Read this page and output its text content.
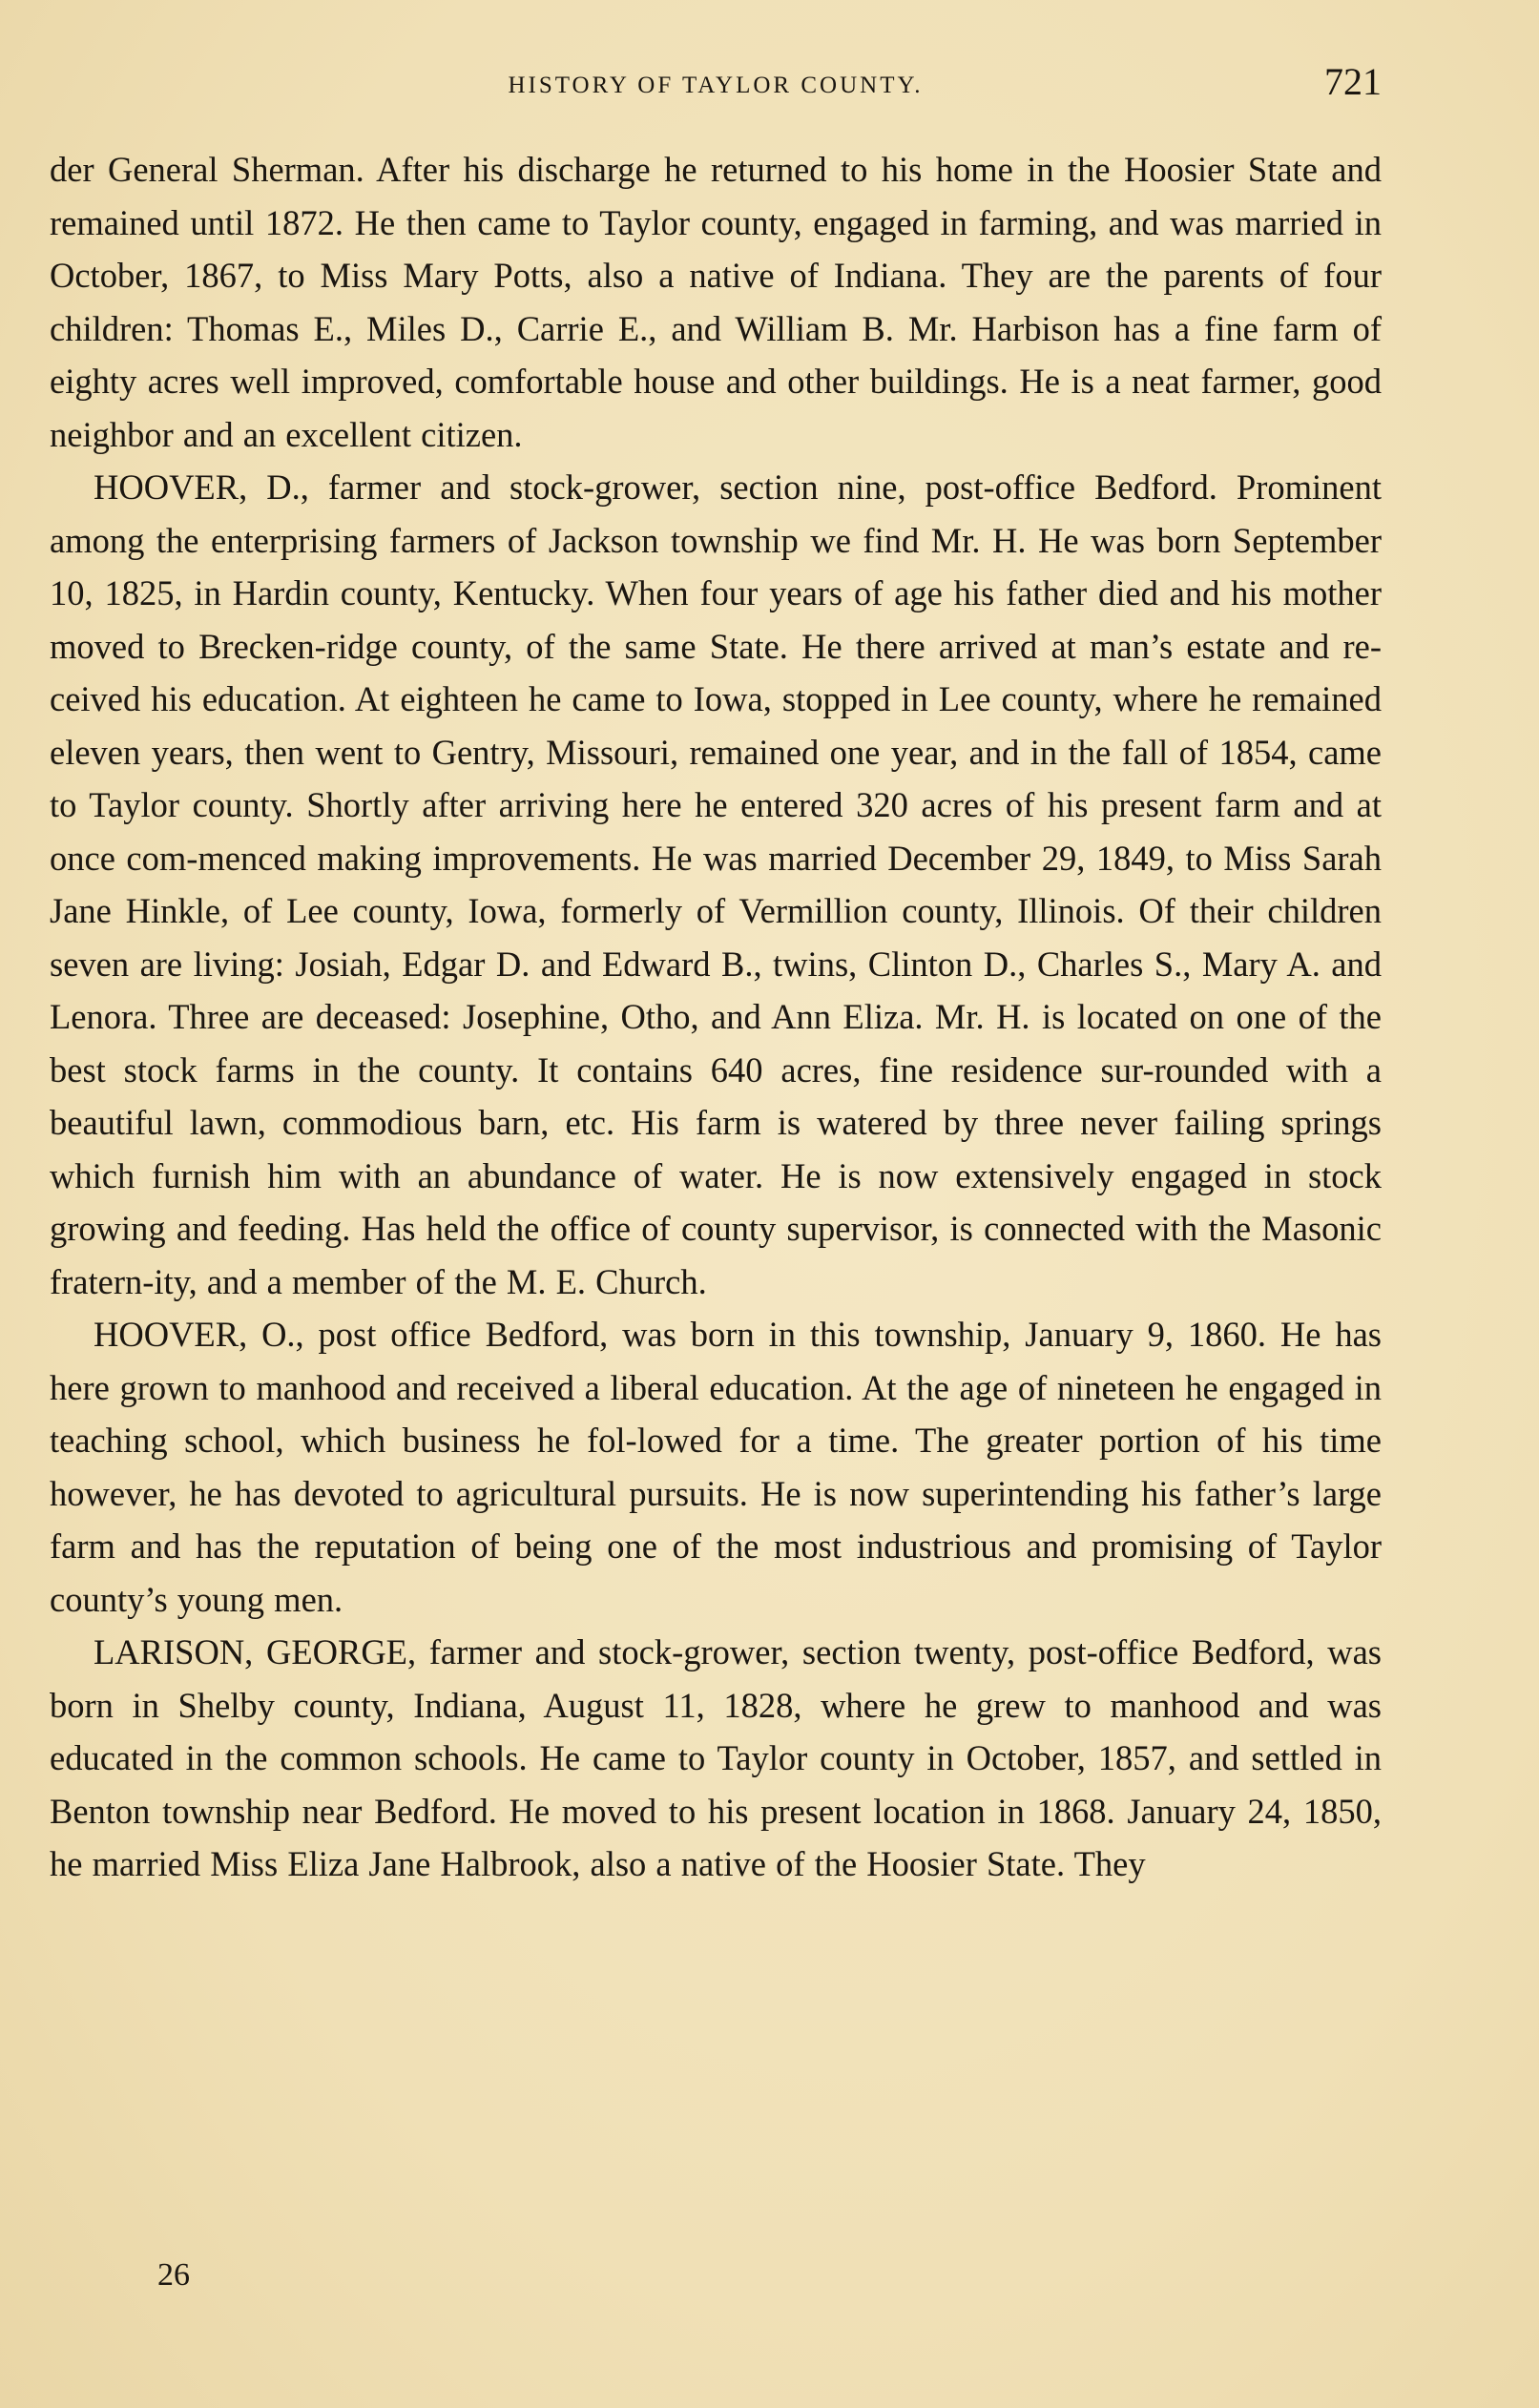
HISTORY OF TAYLOR COUNTY.	721

der General Sherman. After his discharge he returned to his home in the Hoosier State and remained until 1872. He then came to Taylor county, engaged in farming, and was married in October, 1867, to Miss Mary Potts, also a native of Indiana. They are the parents of four children: Thomas E., Miles D., Carrie E., and William B. Mr. Harbison has a fine farm of eighty acres well improved, comfortable house and other buildings. He is a neat farmer, good neighbor and an excellent citizen.

HOOVER, D., farmer and stock-grower, section nine, post-office Bedford. Prominent among the enterprising farmers of Jackson township we find Mr. H. He was born September 10, 1825, in Hardin county, Kentucky. When four years of age his father died and his mother moved to Brecken-ridge county, of the same State. He there arrived at man’s estate and re-ceived his education. At eighteen he came to Iowa, stopped in Lee county, where he remained eleven years, then went to Gentry, Missouri, remained one year, and in the fall of 1854, came to Taylor county. Shortly after arriving here he entered 320 acres of his present farm and at once com-menced making improvements. He was married December 29, 1849, to Miss Sarah Jane Hinkle, of Lee county, Iowa, formerly of Vermillion county, Illinois. Of their children seven are living: Josiah, Edgar D. and Edward B., twins, Clinton D., Charles S., Mary A. and Lenora. Three are deceased: Josephine, Otho, and Ann Eliza. Mr. H. is located on one of the best stock farms in the county. It contains 640 acres, fine residence sur-rounded with a beautiful lawn, commodious barn, etc. His farm is watered by three never failing springs which furnish him with an abundance of water. He is now extensively engaged in stock growing and feeding. Has held the office of county supervisor, is connected with the Masonic fratern-ity, and a member of the M. E. Church.

HOOVER, O., post office Bedford, was born in this township, January 9, 1860. He has here grown to manhood and received a liberal education. At the age of nineteen he engaged in teaching school, which business he fol-lowed for a time. The greater portion of his time however, he has devoted to agricultural pursuits. He is now superintending his father’s large farm and has the reputation of being one of the most industrious and promising of Taylor county’s young men.

LARISON, GEORGE, farmer and stock-grower, section twenty, post-office Bedford, was born in Shelby county, Indiana, August 11, 1828, where he grew to manhood and was educated in the common schools. He came to Taylor county in October, 1857, and settled in Benton township near Bedford. He moved to his present location in 1868. January 24, 1850, he married Miss Eliza Jane Halbrook, also a native of the Hoosier State. They

26
